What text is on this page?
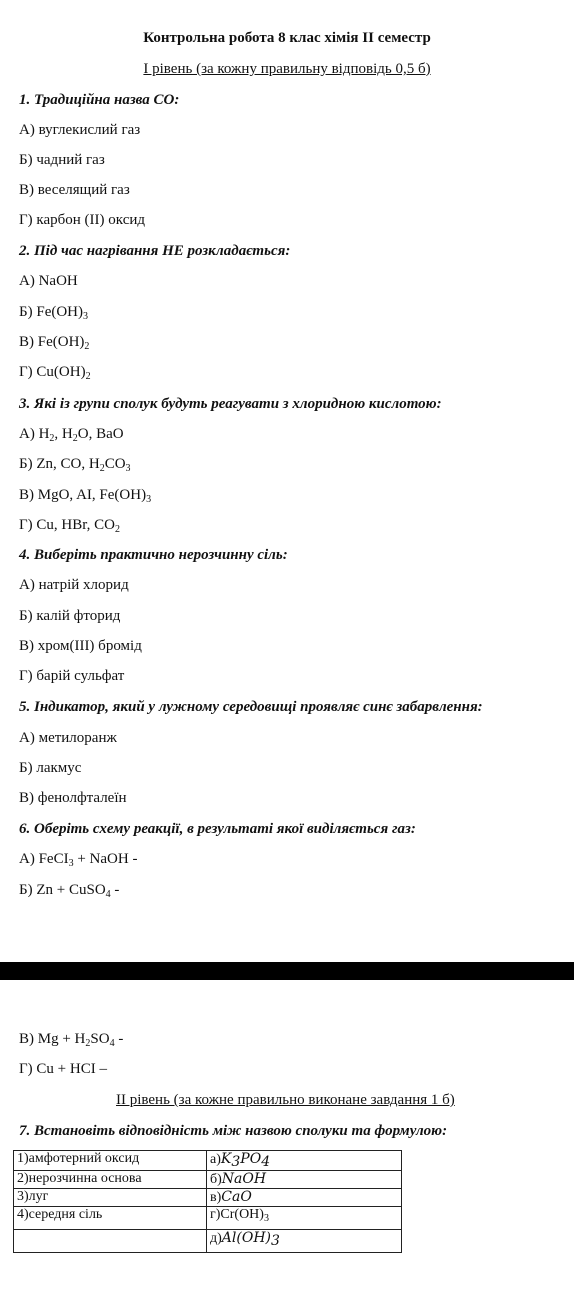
Контрольна робота 8 клас хімія ІІ семестр
І рівень (за кожну правильну відповідь 0,5 б)
1. Традиційна назва СО:
А) вуглекислий газ
Б) чадний газ
В) веселящий газ
Г) карбон (ІІ) оксид
2. Під час нагрівання НЕ розкладається:
А) NaOH
Б) $Fe(OH)_3$
В) $Fe(OH)_2$
Г) $Cu(OH)_2$
3. Які із групи сполук будуть реагувати з хлоридною кислотою:
А) $H_2$, $H_2O$, BaO
Б) Zn, CO, $H_2CO_3$
В) MgO, AI, $Fe(OH)_3$
Г) Cu, HBr, $CO_2$
4. Виберіть практично нерозчинну сіль:
А) натрій хлорид
Б) калій фторид
В) хром(ІІІ) бромід
Г) барій сульфат
5. Індикатор, який у лужному середовищі проявляє синє забарвлення:
А) метилоранж
Б) лакмус
В) фенолфталеїн
6. Оберіть схему реакції, в результаті якої виділяється газ:
А) FeCI$_3$ + NaOH -
Б) Zn + CuSO$_4$ -
В) $Mg + H_2SO_4$ -
Г) Cu + HCI –
ІІ рівень (за кожне правильно виконане завдання 1 б)
7. Встановіть відповідність між назвою сполуки та формулою:
1)амфотерний оксид	$а)K_3PO_4$
2)нерозчинна основа	б)NaOH
3)луг	в)CaO
4)середня сіль	$г)Cr(OH)_3$
	$д)Al(OH)_3$
